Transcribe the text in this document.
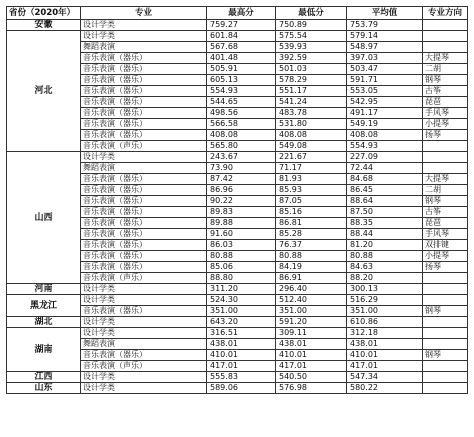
省份（2020年）	专业	最高分	最低分	平均值	专业方向
安徽	设计学类	759.27	750.89	753.79	
河北	设计学类	601.84	575.54	579.14	
	舞蹈表演	567.68	539.93	548.97	
	音乐表演（器乐）	401.48	392.59	397.03	大提琴
	音乐表演（器乐）	505.91	501.03	503.47	二胡
	音乐表演（器乐）	605.13	578.29	591.71	钢琴
	音乐表演（器乐）	554.93	551.17	553.05	古筝
	音乐表演（器乐）	544.65	541.24	542.95	琵琶
	音乐表演（器乐）	498.56	483.78	491.17	手风琴
	音乐表演（器乐）	566.58	531.80	549.19	小提琴
	音乐表演（器乐）	408.08	408.08	408.08	扬琴
	音乐表演（声乐）	565.80	549.08	554.93	
山西	设计学类	243.67	221.67	227.09	
	舞蹈表演	73.90	71.17	72.44	
	音乐表演（器乐）	87.42	81.93	84.68	大提琴
	音乐表演（器乐）	86.96	85.93	86.45	二胡
	音乐表演（器乐）	90.22	87.05	88.64	钢琴
	音乐表演（器乐）	89.83	85.16	87.50	古筝
	音乐表演（器乐）	89.88	86.81	88.35	琵琶
	音乐表演（器乐）	91.60	85.28	88.44	手风琴
	音乐表演（器乐）	86.03	76.37	81.20	双排键
	音乐表演（器乐）	80.88	80.88	80.88	小提琴
	音乐表演（器乐）	85.06	84.19	84.63	扬琴
	音乐表演（声乐）	88.80	86.91	88.20	
河南	设计学类	311.20	296.40	300.13	
黑龙江	设计学类	524.30	512.40	516.29	
	音乐表演（器乐）	351.00	351.00	351.00	钢琴
湖北	设计学类	643.20	591.20	610.86	
湖南	设计学类	316.51	309.11	312.18	
	舞蹈表演	438.01	438.01	438.01	
	音乐表演（器乐）	410.01	410.01	410.01	钢琴
	音乐表演（声乐）	417.01	417.01	417.01	
江西	设计学类	555.83	540.50	547.34	
山东	设计学类	589.06	576.98	580.22	
